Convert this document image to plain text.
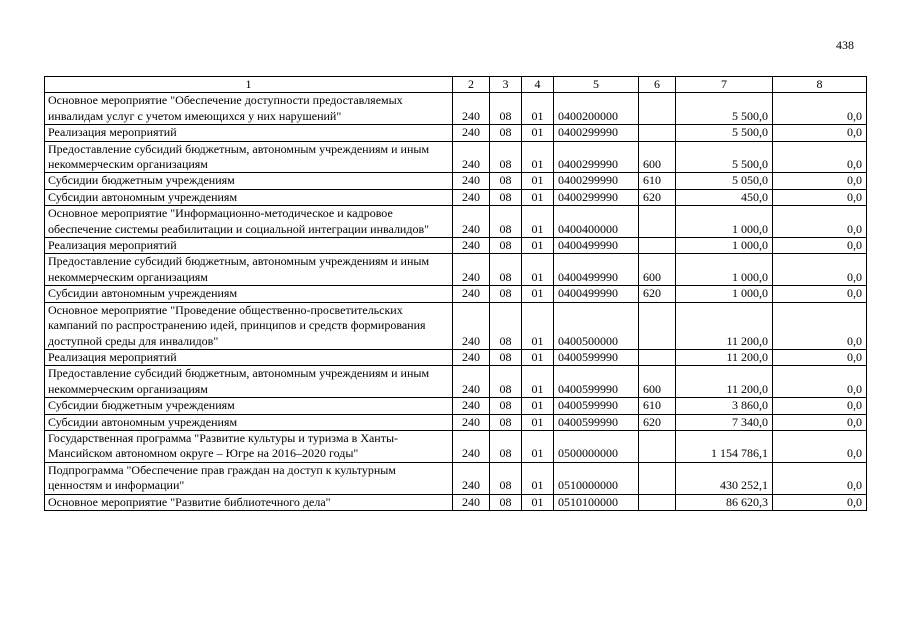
438
1	2	3	4	5	6	7	8
Основное мероприятие "Обеспечение доступности предоставляемых инвалидам услуг с учетом имеющихся у них нарушений"	240	08	01	0400200000		5 500,0	0,0
Реализация мероприятий	240	08	01	0400299990		5 500,0	0,0
Предоставление субсидий бюджетным, автономным учреждениям и иным некоммерческим организациям	240	08	01	0400299990	600	5 500,0	0,0
Субсидии бюджетным учреждениям	240	08	01	0400299990	610	5 050,0	0,0
Субсидии автономным учреждениям	240	08	01	0400299990	620	450,0	0,0
Основное мероприятие "Информационно-методическое и кадровое обеспечение системы реабилитации и социальной интеграции инвалидов"	240	08	01	0400400000		1 000,0	0,0
Реализация мероприятий	240	08	01	0400499990		1 000,0	0,0
Предоставление субсидий бюджетным, автономным учреждениям и иным некоммерческим организациям	240	08	01	0400499990	600	1 000,0	0,0
Субсидии автономным учреждениям	240	08	01	0400499990	620	1 000,0	0,0
Основное мероприятие "Проведение общественно-просветительских кампаний по распространению идей, принципов и средств формирования доступной среды для инвалидов"	240	08	01	0400500000		11 200,0	0,0
Реализация мероприятий	240	08	01	0400599990		11 200,0	0,0
Предоставление субсидий бюджетным, автономным учреждениям и иным некоммерческим организациям	240	08	01	0400599990	600	11 200,0	0,0
Субсидии бюджетным учреждениям	240	08	01	0400599990	610	3 860,0	0,0
Субсидии автономным учреждениям	240	08	01	0400599990	620	7 340,0	0,0
Государственная программа "Развитие культуры и туризма в Ханты-Мансийском автономном округе – Югре на 2016–2020 годы"	240	08	01	0500000000		1 154 786,1	0,0
Подпрограмма "Обеспечение прав граждан на доступ к культурным ценностям и информации"	240	08	01	0510000000		430 252,1	0,0
Основное мероприятие "Развитие библиотечного дела"	240	08	01	0510100000		86 620,3	0,0
